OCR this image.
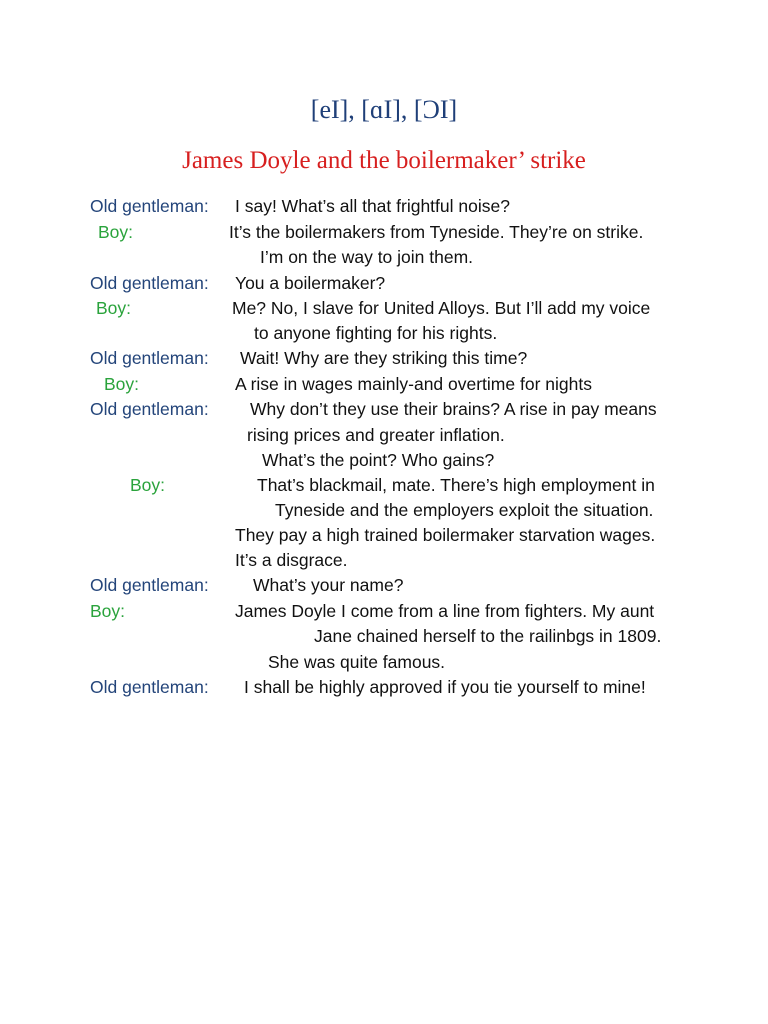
[eI], [ɑI], [ƆI]
James Doyle and the boilermaker’ strike
Old gentleman:
Boy:
Old gentleman:
Boy:
Old gentleman:
Boy:
Old gentleman:
Boy:
Old gentleman:
Boy:
Old gentleman:
I say! What’s all that frightful noise?
It’s the boilermakers from Tyneside. They’re on strike.
I’m on the way to join them.
You a boilermaker?
Me? No, I slave for United Alloys. But I’ll add my voice
to anyone fighting for his rights.
Wait! Why are they striking this time?
A rise in wages mainly-and overtime for nights
Why don’t they use their brains? A rise in pay means
rising prices and greater inflation.
What’s the point? Who gains?
That’s blackmail, mate. There’s high employment in
Tyneside and the employers exploit the situation.
They pay a high trained boilermaker starvation wages.
It’s a disgrace.
What’s your name?
James Doyle I come from a line from fighters. My aunt
Jane chained herself to the railinbgs in 1809.
She was quite famous.
I shall be highly approved if you tie yourself to mine!
